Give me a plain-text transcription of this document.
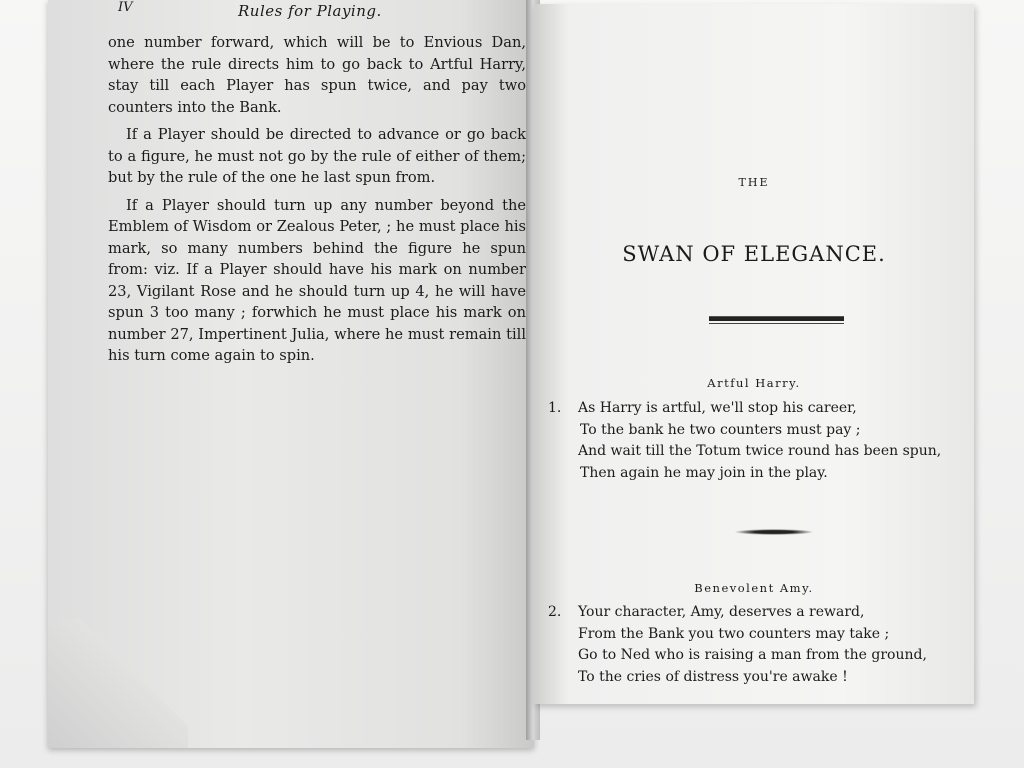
IV	Rules for Playing.

one number forward, which will be to Envious Dan, where the rule directs him to go back to Artful Harry, stay till each Player has spun twice, and pay two counters into the Bank.

If a Player should be directed to advance or go back to a figure, he must not go by the rule of either of them; but by the rule of the one he last spun from.

If a Player should turn up any number beyond the Emblem of Wisdom or Zealous Peter, ; he must place his mark, so many numbers behind the figure he spun from: viz. If a Player should have his mark on number 23, Vigilant Rose and he should turn up 4, he will have spun 3 too many ; forwhich he must place his mark on number 27, Impertinent Julia, where he must remain till his turn come again to spin.

THE
SWAN OF ELEGANCE.
Artful Harry.
1. As Harry is artful, we'll stop his career,
To the bank he two counters must pay ;
And wait till the Totum twice round has been spun,
Then again he may join in the play.
Benevolent Amy.
2. Your character, Amy, deserves a reward,
From the Bank you two counters may take ;
Go to Ned who is raising a man from the ground,
To the cries of distress you're awake !
